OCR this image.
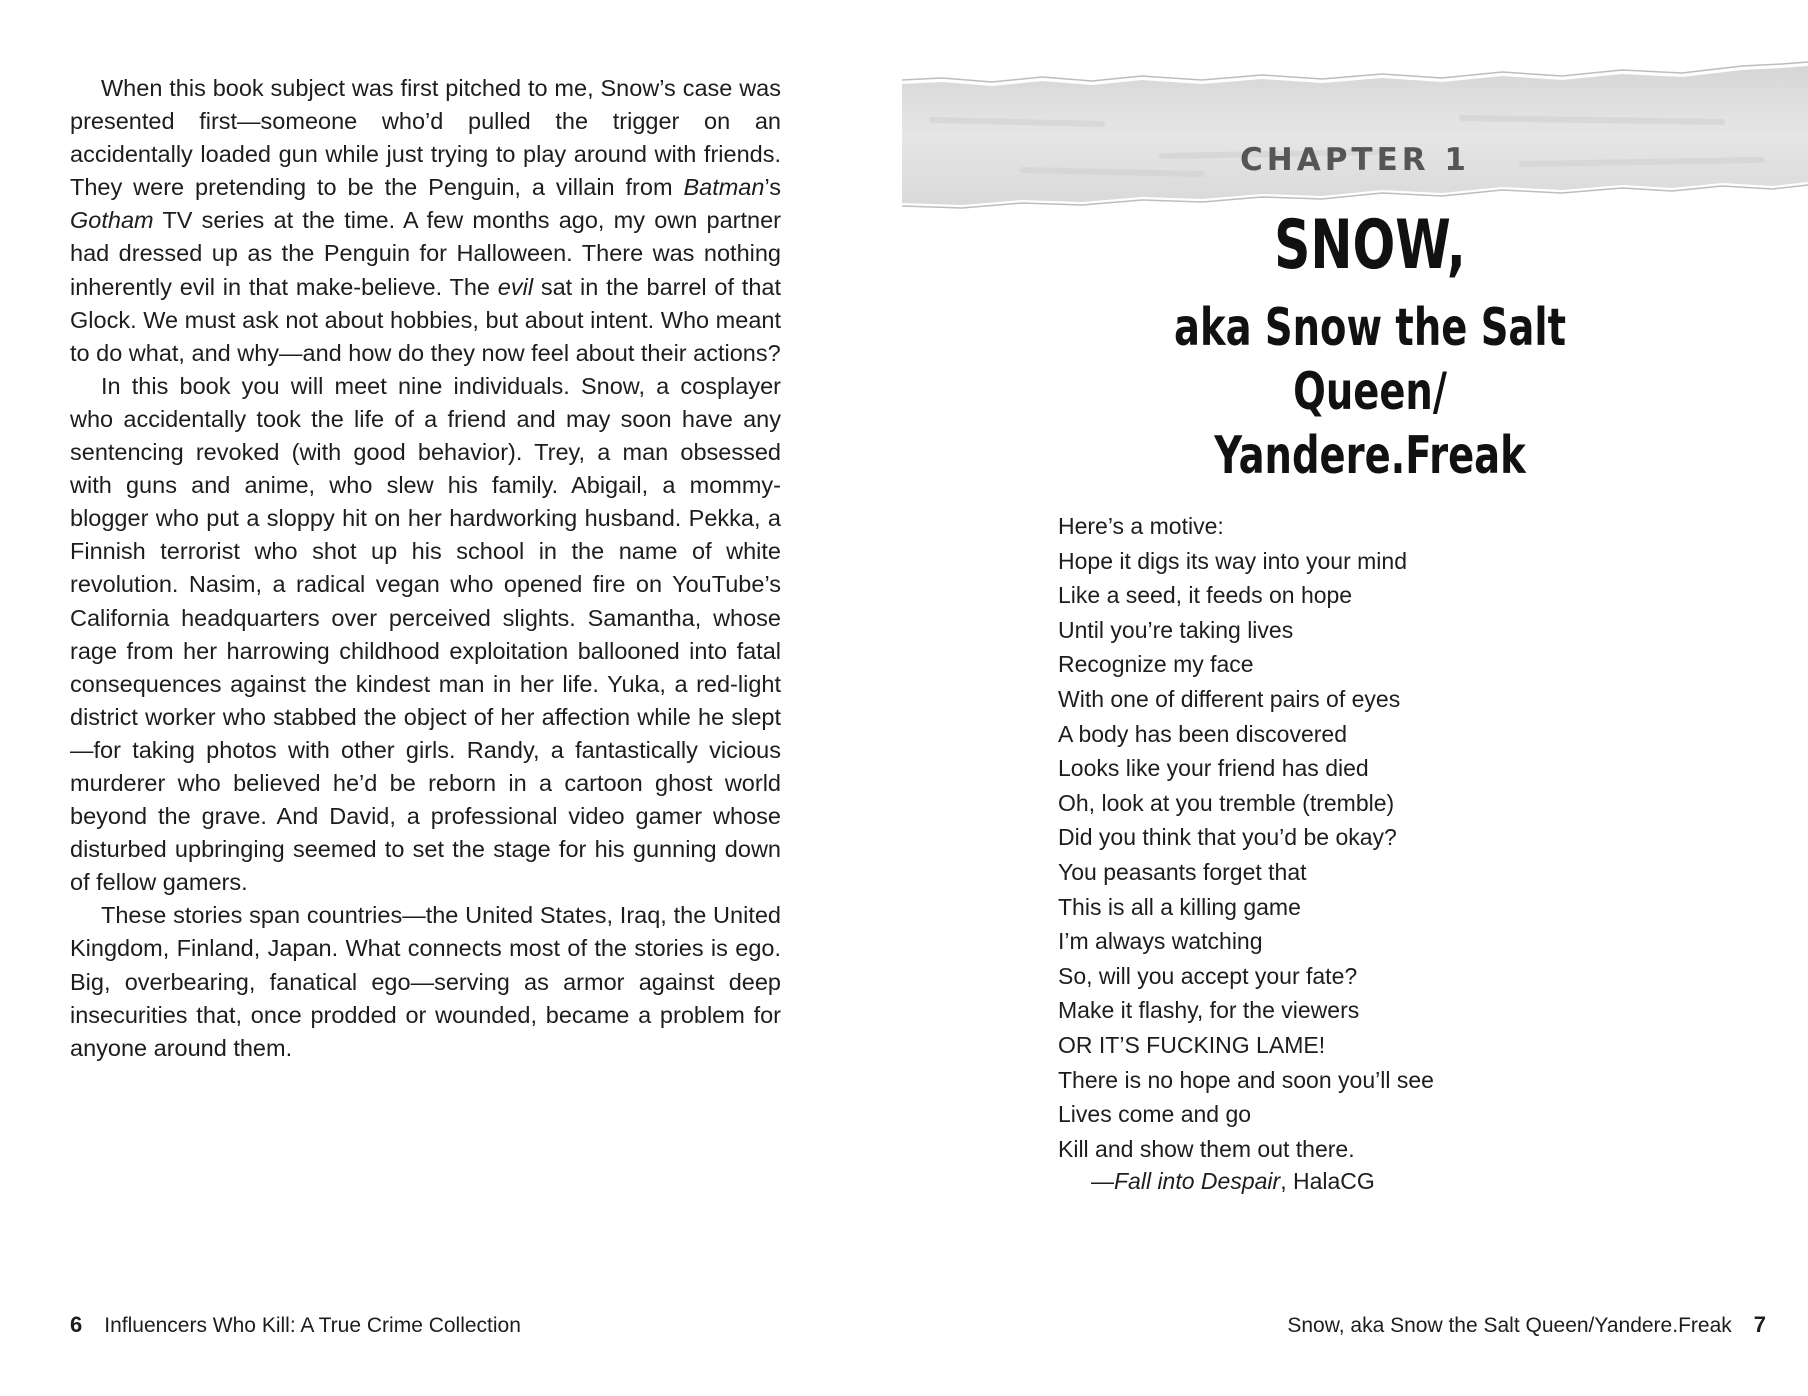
When this book subject was first pitched to me, Snow’s case was presented first—someone who’d pulled the trigger on an accidentally loaded gun while just trying to play around with friends. They were pretending to be the Penguin, a villain from Batman’s Gotham TV series at the time. A few months ago, my own partner had dressed up as the Penguin for Halloween. There was nothing inherently evil in that make-believe. The evil sat in the barrel of that Glock. We must ask not about hobbies, but about intent. Who meant to do what, and why—and how do they now feel about their actions?

In this book you will meet nine individuals. Snow, a cosplayer who accidentally took the life of a friend and may soon have any sentencing revoked (with good behavior). Trey, a man obsessed with guns and anime, who slew his family. Abigail, a mommy-blogger who put a sloppy hit on her hardworking husband. Pekka, a Finnish terrorist who shot up his school in the name of white revolution. Nasim, a radical vegan who opened fire on YouTube’s California headquarters over perceived slights. Samantha, whose rage from her harrowing childhood exploitation ballooned into fatal consequences against the kindest man in her life. Yuka, a red-light district worker who stabbed the object of her affection while he slept—for taking photos with other girls. Randy, a fantastically vicious murderer who believed he’d be reborn in a cartoon ghost world beyond the grave. And David, a professional video gamer whose disturbed upbringing seemed to set the stage for his gunning down of fellow gamers.

These stories span countries—the United States, Iraq, the United Kingdom, Finland, Japan. What connects most of the stories is ego. Big, overbearing, fanatical ego—serving as armor against deep insecurities that, once prodded or wounded, became a problem for anyone around them.

6 Influencers Who Kill: A True Crime Collection
CHAPTER 1
SNOW,
aka Snow the Salt Queen/
Yandere.Freak
Here’s a motive:
Hope it digs its way into your mind
Like a seed, it feeds on hope
Until you’re taking lives
Recognize my face
With one of different pairs of eyes
A body has been discovered
Looks like your friend has died
Oh, look at you tremble (tremble)
Did you think that you’d be okay?
You peasants forget that
This is all a killing game
I’m always watching
So, will you accept your fate?
Make it flashy, for the viewers
OR IT’S FUCKING LAME!
There is no hope and soon you’ll see
Lives come and go
Kill and show them out there.
—Fall into Despair, HalaCG
Snow, aka Snow the Salt Queen/Yandere.Freak 7
